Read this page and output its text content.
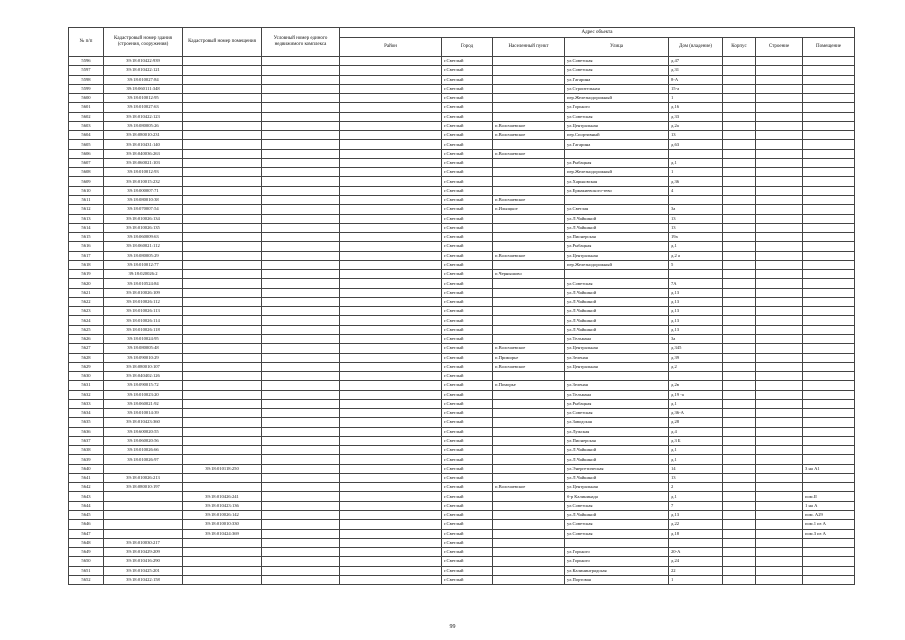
№ п/п	Кадастровый номер здания (строения, сооружения)	Кадастровый номер помещения	Условный номер единого недвижимого комплекса	Адрес объекта							
				Район	Город	Населенный пункт	Улица	Дом (владение)	Корпус	Строение	Помещение
5596	39:18:010422:939				г.Светлый		ул.Советская	д.47			
5597	39:18:010422:121				г.Светлый		ул.Советская	д.31			
5598	39:18:010027:84				г.Светлый		ул.Гагарина	8-А			
5599	39:18:060111:348				г.Светлый		ул.Строительная	15-а			
5600	39:18:010012:95				г.Светлый		пер.Железнодорожный	1			
5601	39:18:010027:63				г.Светлый		ул.Горького	д.16			
5602	39:18:010422:123				г.Светлый		ул.Советская	д.33			
5603	39:18:080005:26				г.Светлый	п.Волочаевское	ул.Центральная	д.2а			
5604	39:18:080010:231				г.Светлый	п.Волочаевское	пер.Спортивный	13			
5605	39:18:010431:140				г.Светлый		ул.Гагарина	д.63			
5606	39:18:040036:263				г.Светлый	п.Волочаевское					
5607	39:18:060021:103				г.Светлый		ул.Рыбацкая	д.1			
5608	39:18:010012:93				г.Светлый		пер.Железнодорожный	1			
5609	39:18:010015:232				г.Светлый		ул.Харьковская	д.36			
5610	39:18:000007:71				г.Светлый		ул.Ермакиевского-тево	4			
5611	39:18:080010:38				г.Светлый	п.Волочаевское					
5612	39:18:070007:54				г.Светлый	п.Ильицкое	ул.Светлая	3а			
5613	39:18:010026:134				г.Светлый		ул.Л.Чайкиной	13			
5614	39:18:010026:135				г.Светлый		ул.Л.Чайкиной	13			
5615	39:18:060009:63				г.Светлый		ул.Пионерская	19а			
5616	39:18:060021:112				г.Светлый		ул.Рыбацкая	д.1			
5617	39:18:080005:29				г.Светлый	п.Волочаевское	ул.Центральная	д.2 а			
5618	39:18:010012:77				г.Светлый		пер.Железнодорожный	5			
5619	39:18:020026:2				г.Светлый	п.Чернышово					
5620	39:18:010524:84				г.Светлый		ул.Советская	7А			
5621	39:18:010026:109				г.Светлый		ул.Л.Чайкиной	д.13			
5622	39:18:010026:112				г.Светлый		ул.Л.Чайкиной	д.13			
5623	39:18:010026:113				г.Светлый		ул.Л.Чайкиной	д.13			
5624	39:18:010026:114				г.Светлый		ул.Л.Чайкиной	д.13			
5625	39:18:010026:118				г.Светлый		ул.Л.Чайкиной	д.13			
5626	39:18:010024:95				г.Светлый		ул.Тельмана	3а			
5627	39:18:080005:48				г.Светлый	п.Волочаевское	ул.Центральная	д.345			
5628	39:18:090010:29				г.Светлый	п.Приморье	ул.Зеленая	д.39			
5629	39:18:080010:107				г.Светлый	п.Волочаевское	ул.Центральная	д.2			
5630	39:18:040402:126				г.Светлый						
5631	39:18:090015:72				г.Светлый	п.Поморье	ул.Зеленая	д.2в			
5632	39:18:010023:20				г.Светлый		ул.Тельмана	д.19 -а			
5633	39:18:060021:92				г.Светлый		ул.Рыбацкая	д.1			
5634	39:18:010014:39				г.Светлый		ул.Советская	д.36-А			
5635	39:18:010423:360				г.Светлый		ул.Заводская	д.28			
5636	39:18:600020:55				г.Светлый		ул.Лужская	д.4			
5637	39:18:060020:56				г.Светлый		ул.Пионерская	д.3 Б			
5638	39:18:010026:66				г.Светлый		ул.Л.Чайкиной	д.1			
5639	39:18:010026:97				г.Светлый		ул.Л.Чайкиной	д.1			
5640		39:18:010118:250			г.Светлый		ул.Энергетическая	14			3 на А1
5641	39:18:010026:213				г.Светлый		ул.Л.Чайкиной	13			
5642	39:18:080010:197				г.Светлый	п.Волочаевское	ул.Центральная	2			
5643		39:18:010426:241			г.Светлый		б-р Калининада	д.1			пом.II
5644		39:18:010423:136			г.Светлый		ул.Советская	7			1 на А
5645		39:18:010026:142			г.Светлый		ул.Л.Чайкиной	д.13			пом. А29
5646		39:18:010010:330			г.Светлый		ул.Советская	д.22			пом.1 из А
5647		39:18:010424:369			г.Светлый		ул.Советская	д.18			пом.3 из А
5648	39:18:010030:217				г.Светлый						
5649	39:18:010429:209				г.Светлый		ул.Горького	20-А			
5650	39:18:010416:290				г.Светлый		ул.Горького	д.24			
5651	39:18:010425:201				г.Светлый		ул.Калининградская	22			
5652	39:18:010422:158				г.Светлый		ул.Портовая	1			
99
